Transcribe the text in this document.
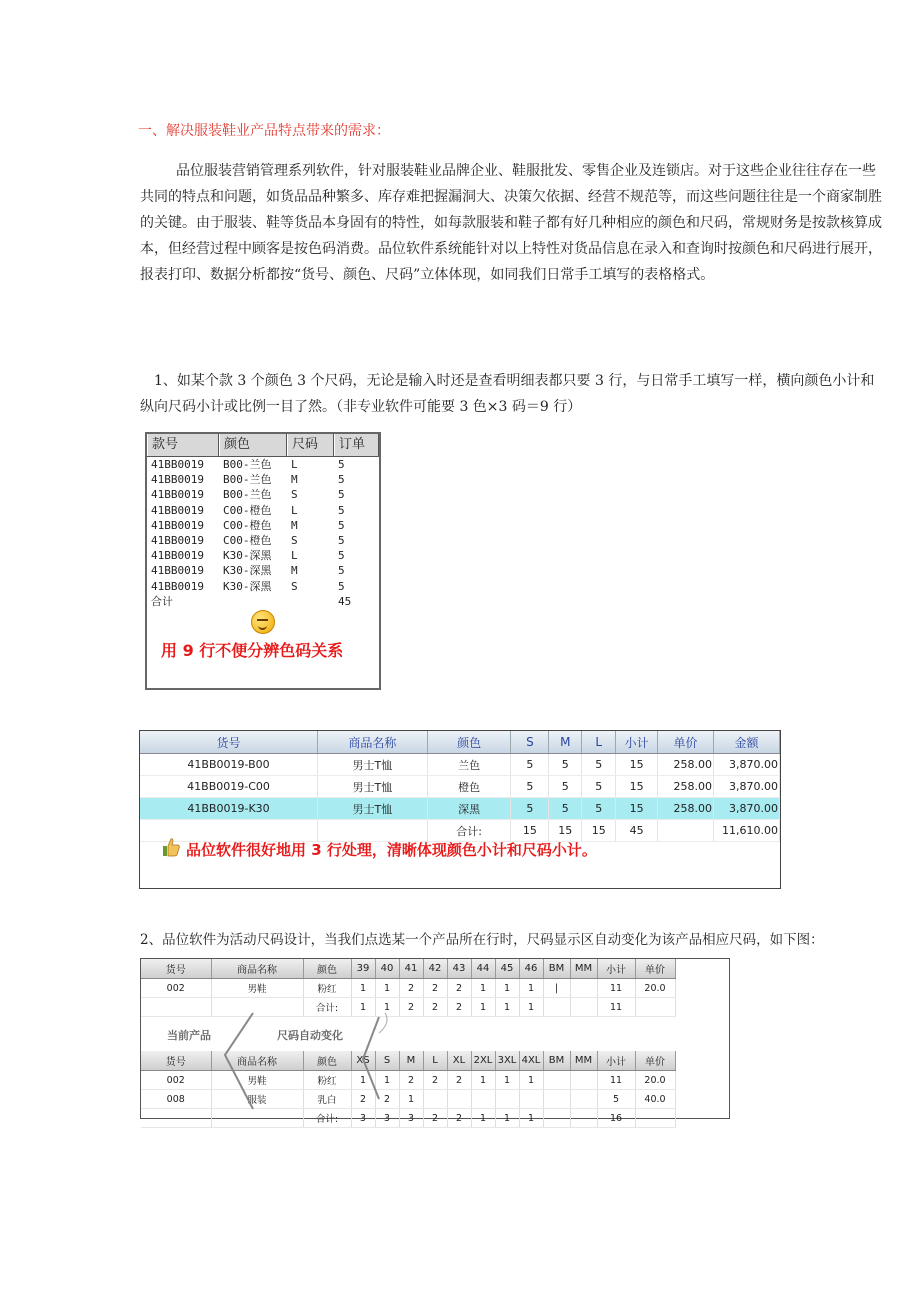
一、解决服装鞋业产品特点带来的需求：
品位服装营销管理系列软件，针对服装鞋业品牌企业、鞋服批发、零售企业及连锁店。对于这些企业往往存在一些共同的特点和问题，如货品品种繁多、库存难把握漏洞大、决策欠依据、经营不规范等，而这些问题往往是一个商家制胜的关键。由于服装、鞋等货品本身固有的特性，如每款服装和鞋子都有好几种相应的颜色和尺码，常规财务是按款核算成本，但经营过程中顾客是按色码消费。品位软件系统能针对以上特性对货品信息在录入和查询时按颜色和尺码进行展开，报表打印、数据分析都按“货号、颜色、尺码”立体体现，如同我们日常手工填写的表格格式。
1、如某个款 3 个颜色 3 个尺码，无论是输入时还是查看明细表都只要 3 行，与日常手工填写一样，横向颜色小计和纵向尺码小计或比例一目了然。（非专业软件可能要 3 色×3 码＝9 行）
款号	颜色	尺码	订单
41BB0019	B00-兰色	L	5
41BB0019	B00-兰色	M	5
41BB0019	B00-兰色	S	5
41BB0019	C00-橙色	L	5
41BB0019	C00-橙色	M	5
41BB0019	C00-橙色	S	5
41BB0019	K30-深黑	L	5
41BB0019	K30-深黑	M	5
41BB0019	K30-深黑	S	5
合计	45
用 9 行不便分辨色码关系
货号	商品名称	颜色	S	M	L	小计	单价	金额
41BB0019-B00	男士T恤	兰色	5	5	5	15	258.00	3,870.00
41BB0019-C00	男士T恤	橙色	5	5	5	15	258.00	3,870.00
41BB0019-K30	男士T恤	深黑	5	5	5	15	258.00	3,870.00
		合计:	15	15	15	45		11,610.00
品位软件很好地用 3 行处理，清晰体现颜色小计和尺码小计。
2、品位软件为活动尺码设计，当我们点选某一个产品所在行时，尺码显示区自动变化为该产品相应尺码，如下图：
货号	商品名称	颜色	39	40	41	42	43	44	45	46	BM	MM	小计	单价
002	男鞋	粉红	1	1	2	2	2	1	1	1	|		11	20.0
		合计:	1	1	2	2	2	1	1	1			11	
当前产品	尺码自动变化
货号	商品名称	颜色	XS	S	M	L	XL	2XL	3XL	4XL	BM	MM	小计	单价
002	男鞋	粉红	1	1	2	2	2	1	1	1			11	20.0
008	服装	乳白	2	2	1								5	40.0
		合计:	3	3	3	2	2	1	1	1			16	
